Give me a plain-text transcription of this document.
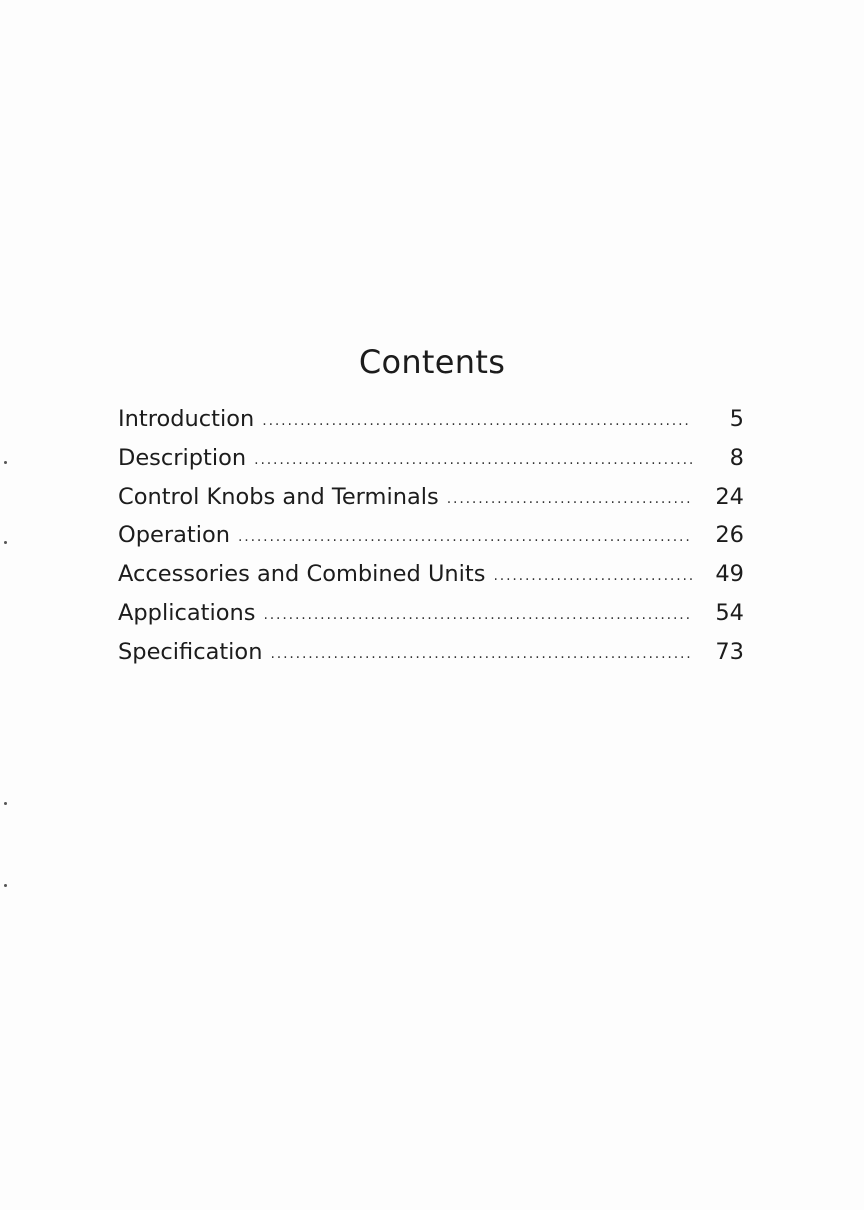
Contents
Introduction . . .	5
Description . . .	8
Control Knobs and Terminals . . .	24
Operation . . .	26
Accessories and Combined Units . . .	49
Applications . . .	54
Specification . . .	73
